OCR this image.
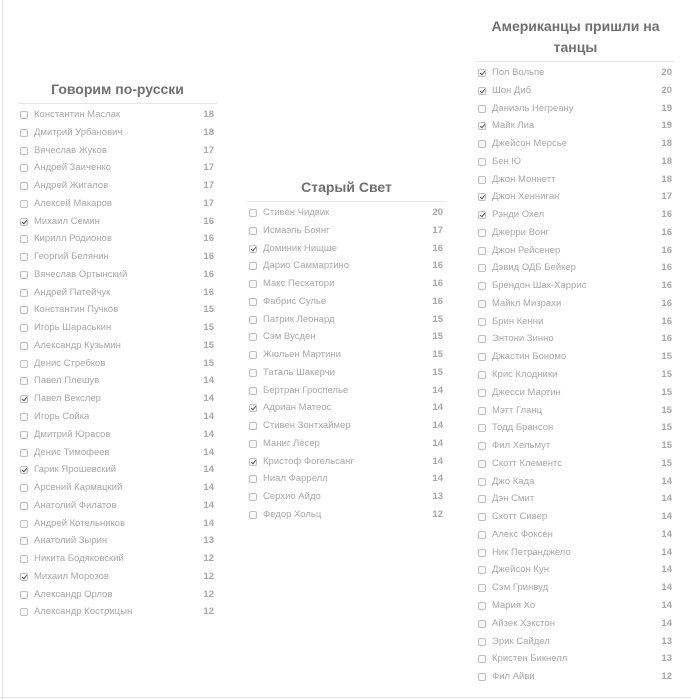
Говорим по-русски
Константин Маслак	18
Дмитрий Урбанович	18
Вячеслав Жуков	17
Андрей Заиченко	17
Андрей Жигалов	17
Алексей Макаров	17
Михаил Семин	16
Кирилл Родионов	16
Георгий Белянин	16
Вячеслав Ортынский	16
Андрей Патейчук	16
Константин Пучков	15
Игорь Шараськин	15
Александр Кузьмин	15
Денис Стребков	15
Павел Плешув	14
Павел Векслер	14
Игорь Сойка	14
Дмитрий Юрасов	14
Денис Тимофеев	14
Гарик Ярошевский	14
Арсений Кармацкий	14
Анатолий Филатов	14
Андрей Котельников	14
Анатолий Зырин	13
Никита Бодяковский	12
Михаил Морозов	12
Александр Орлов	12
Александр Кострицын	12
Старый Свет
Стивен Чидвик	20
Исмаэль Боянг	17
Доминик Нищше	16
Дарио Саммартино	16
Макс Пескатори	16
Фабрис Сульe	16
Патрик Леонард	15
Сэм Вусден	15
Жюльен Мартини	15
Таталь Шакерчи	15
Бертран Гроспелье	14
Адриан Матеос	14
Стивен Зонтхаймер	14
Маниг Лёсер	14
Кристоф Фогельсанг	14
Ниал Фаррелл	14
Серхио Айдо	13
Федор Хольц	12
Американцы пришли на танцы
Пол Вольпе	20
Шон Диб	20
Даниэль Негреану	19
Майк Лиа	19
Джейсон Мерсье	18
Бен Ю	18
Джон Моннетт	18
Джон Хеннигaн	17
Рэнди Охел	16
Джерри Вонг	16
Джон Рейсенер	16
Дэвид ОДБ Бейкер	16
Брендон Шак-Харрис	16
Майкл Мизрахи	16
Брин Кенни	16
Энтони Зинно	16
Джастин Бономо	15
Крис Клодники	15
Джесси Мартин	15
Мэтт Гланц	15
Тодд Брансон	15
Фил Хельмут	15
Скотт Клементс	15
Джо Када	14
Дэн Смит	14
Скотт Сивер	14
Алекс Фоксен	14
Ник Петранджело	14
Джейсон Кун	14
Сэм Гринвуд	14
Мария Хо	14
Айзек Хэкстон	14
Эрик Сайдел	13
Кристен Бикнелл	13
Фил Айви	12
